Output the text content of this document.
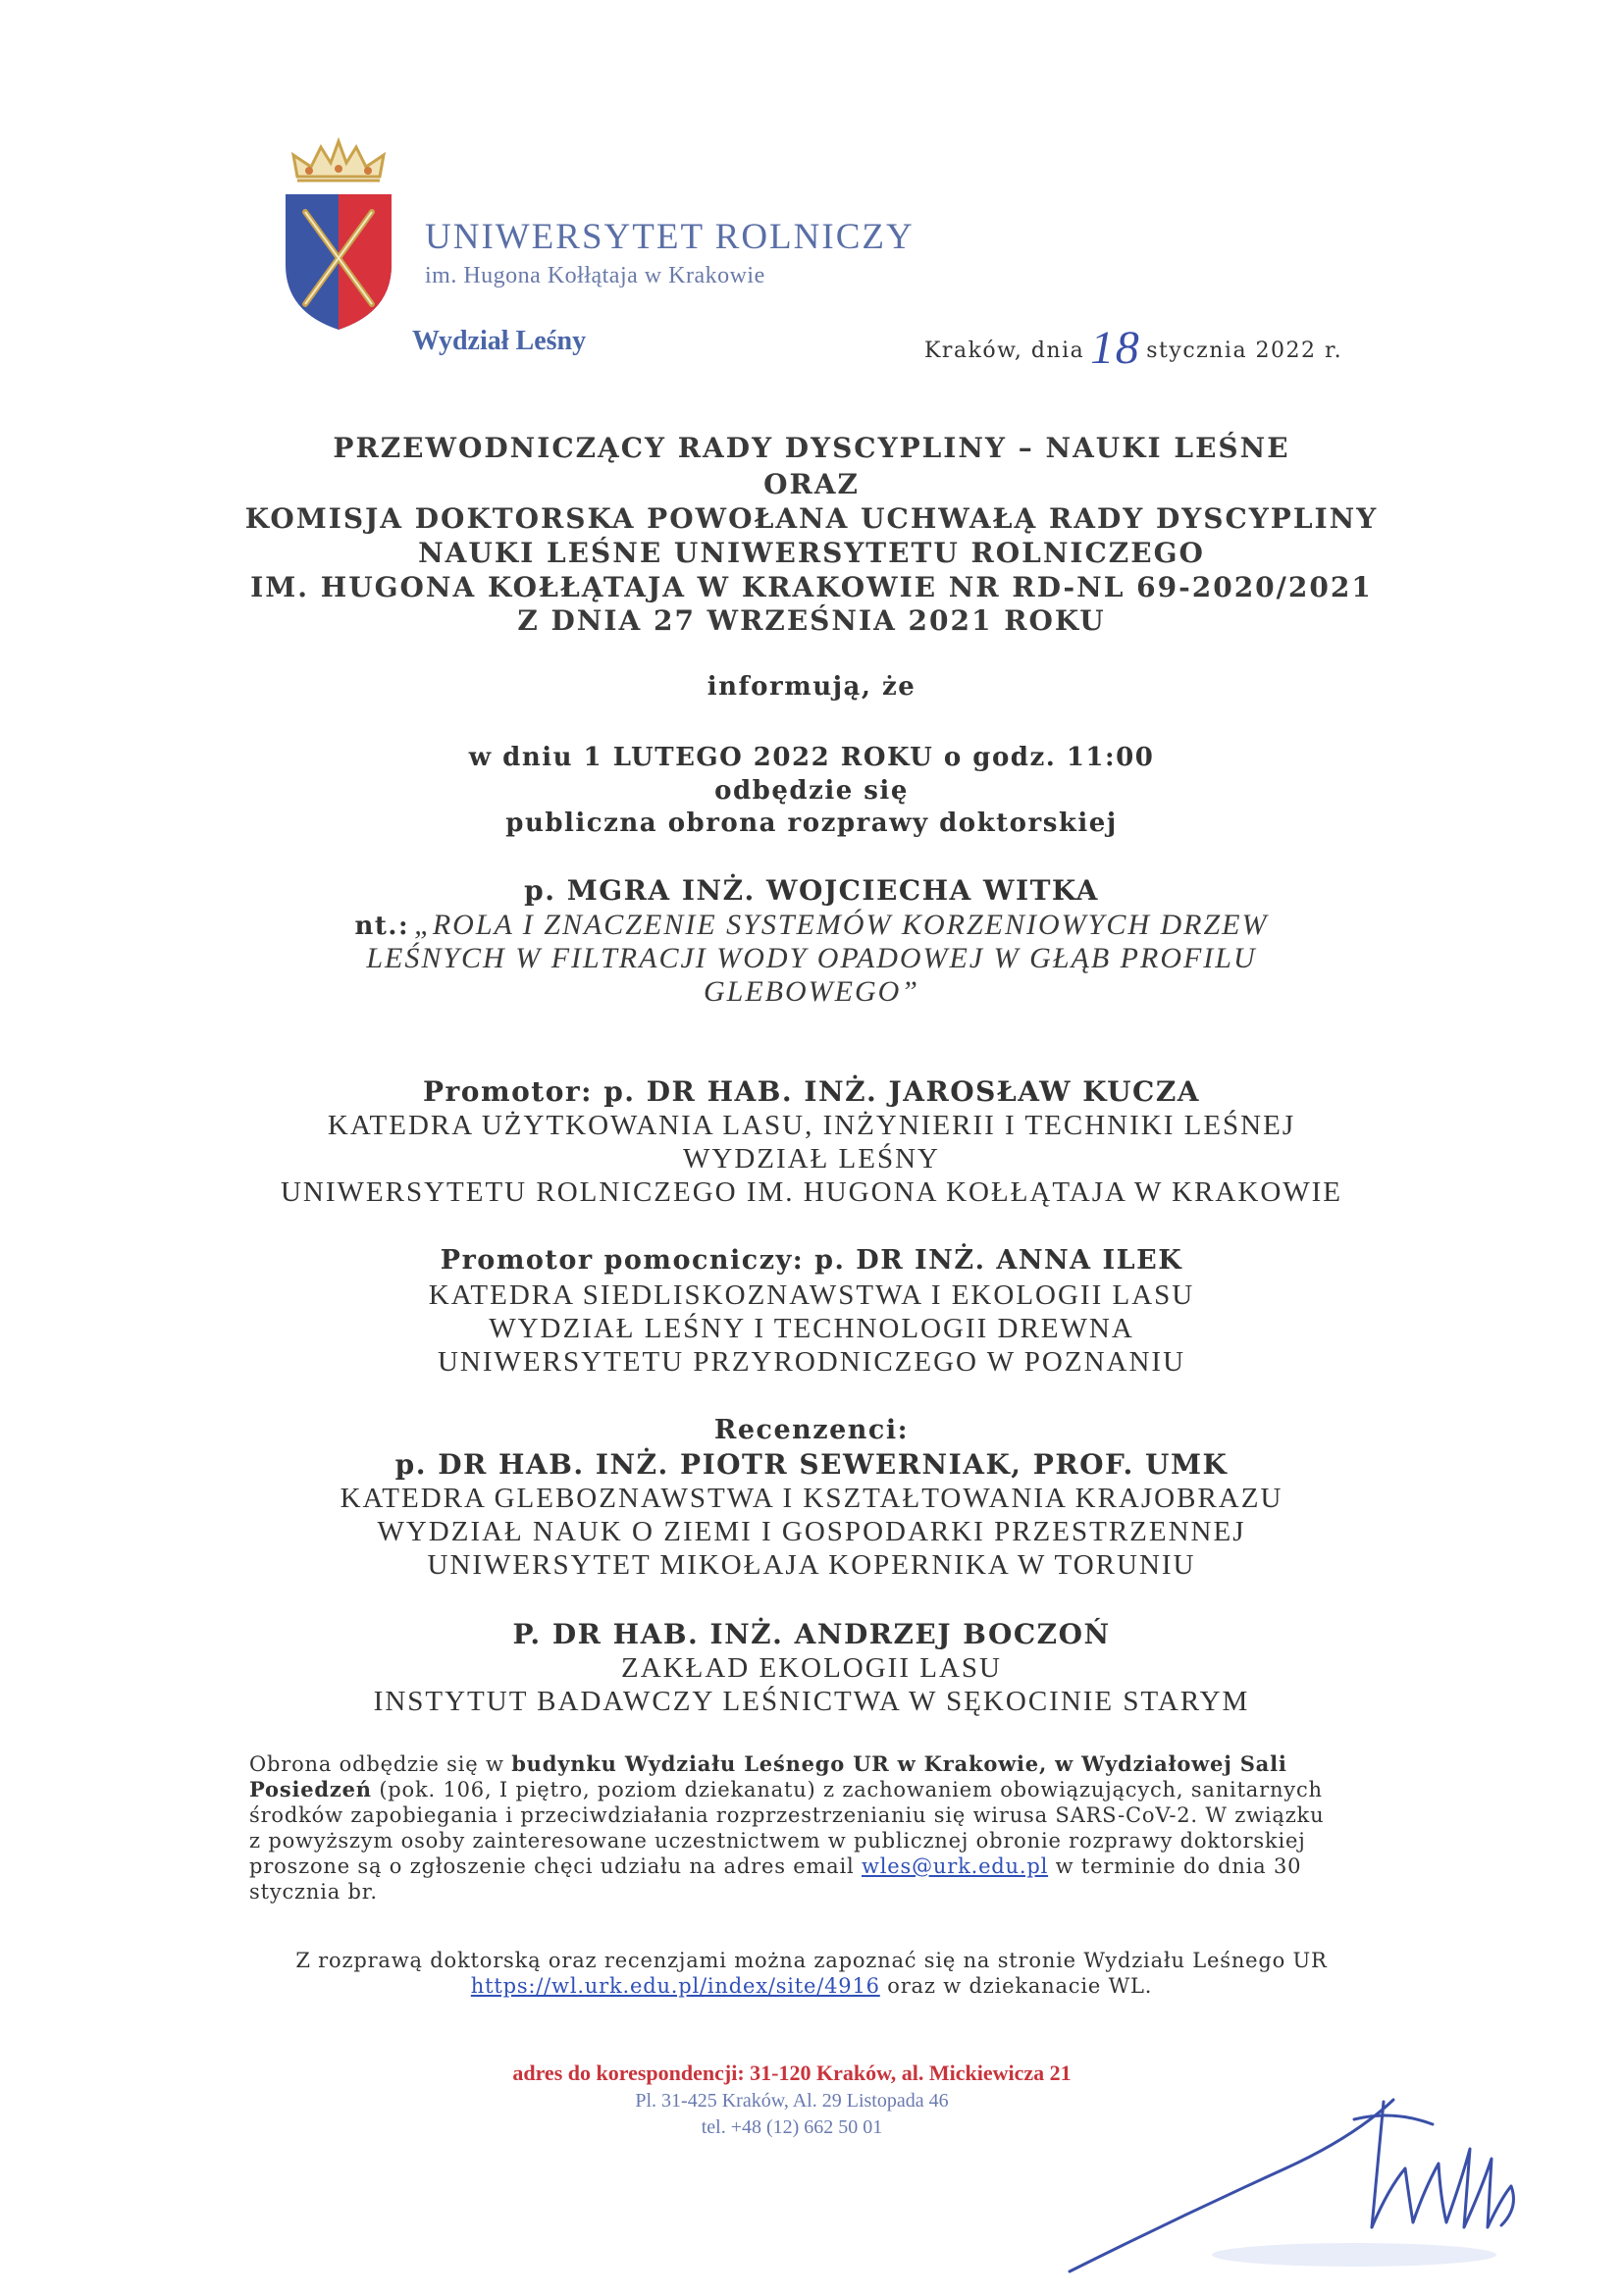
UNIWERSYTET ROLNICZY
im. Hugona Kołłątaja w Krakowie
Wydział Leśny	Kraków, dnia 18 stycznia 2022 r.
PRZEWODNICZĄCY RADY DYSCYPLINY – NAUKI LEŚNE
ORAZ
KOMISJA DOKTORSKA POWOŁANA UCHWAŁĄ RADY DYSCYPLINY
NAUKI LEŚNE UNIWERSYTETU ROLNICZEGO
IM. HUGONA KOŁŁĄTAJA W KRAKOWIE NR RD-NL 69-2020/2021
Z DNIA 27 WRZEŚNIA 2021 ROKU
informują, że
w dniu 1 LUTEGO 2022 ROKU o godz. 11:00
odbędzie się
publiczna obrona rozprawy doktorskiej
p. MGRA INŻ. WOJCIECHA WITKA
nt.: „ROLA I ZNACZENIE SYSTEMÓW KORZENIOWYCH DRZEW
LEŚNYCH W FILTRACJI WODY OPADOWEJ W GŁĄB PROFILU
GLEBOWEGO”
Promotor: p. DR HAB. INŻ. JAROSŁAW KUCZA
KATEDRA UŻYTKOWANIA LASU, INŻYNIERII I TECHNIKI LEŚNEJ
WYDZIAŁ LEŚNY
UNIWERSYTETU ROLNICZEGO IM. HUGONA KOŁŁĄTAJA W KRAKOWIE
Promotor pomocniczy: p. DR INŻ. ANNA ILEK
KATEDRA SIEDLISKOZNAWSTWA I EKOLOGII LASU
WYDZIAŁ LEŚNY I TECHNOLOGII DREWNA
UNIWERSYTETU PRZYRODNICZEGO W POZNANIU
Recenzenci:
p. DR HAB. INŻ. PIOTR SEWERNIAK, PROF. UMK
KATEDRA GLEBOZNAWSTWA I KSZTAŁTOWANIA KRAJOBRAZU
WYDZIAŁ NAUK O ZIEMI I GOSPODARKI PRZESTRZENNEJ
UNIWERSYTET MIKOŁAJA KOPERNIKA W TORUNIU
P. DR HAB. INŻ. ANDRZEJ BOCZOŃ
ZAKŁAD EKOLOGII LASU
INSTYTUT BADAWCZY LEŚNICTWA W SĘKOCINIE STARYM
Obrona odbędzie się w budynku Wydziału Leśnego UR w Krakowie, w Wydziałowej Sali
Posiedzeń (pok. 106, I piętro, poziom dziekanatu) z zachowaniem obowiązujących, sanitarnych
środków zapobiegania i przeciwdziałania rozprzestrzenianiu się wirusa SARS-CoV-2. W związku
z powyższym osoby zainteresowane uczestnictwem w publicznej obronie rozprawy doktorskiej
proszone są o zgłoszenie chęci udziału na adres email wles@urk.edu.pl w terminie do dnia 30
stycznia br.
Z rozprawą doktorską oraz recenzjami można zapoznać się na stronie Wydziału Leśnego UR
https://wl.urk.edu.pl/index/site/4916 oraz w dziekanacie WL.
adres do korespondencji: 31-120 Kraków, al. Mickiewicza 21
Pl. 31-425 Kraków, Al. 29 Listopada 46
tel. +48 (12) 662 50 01
